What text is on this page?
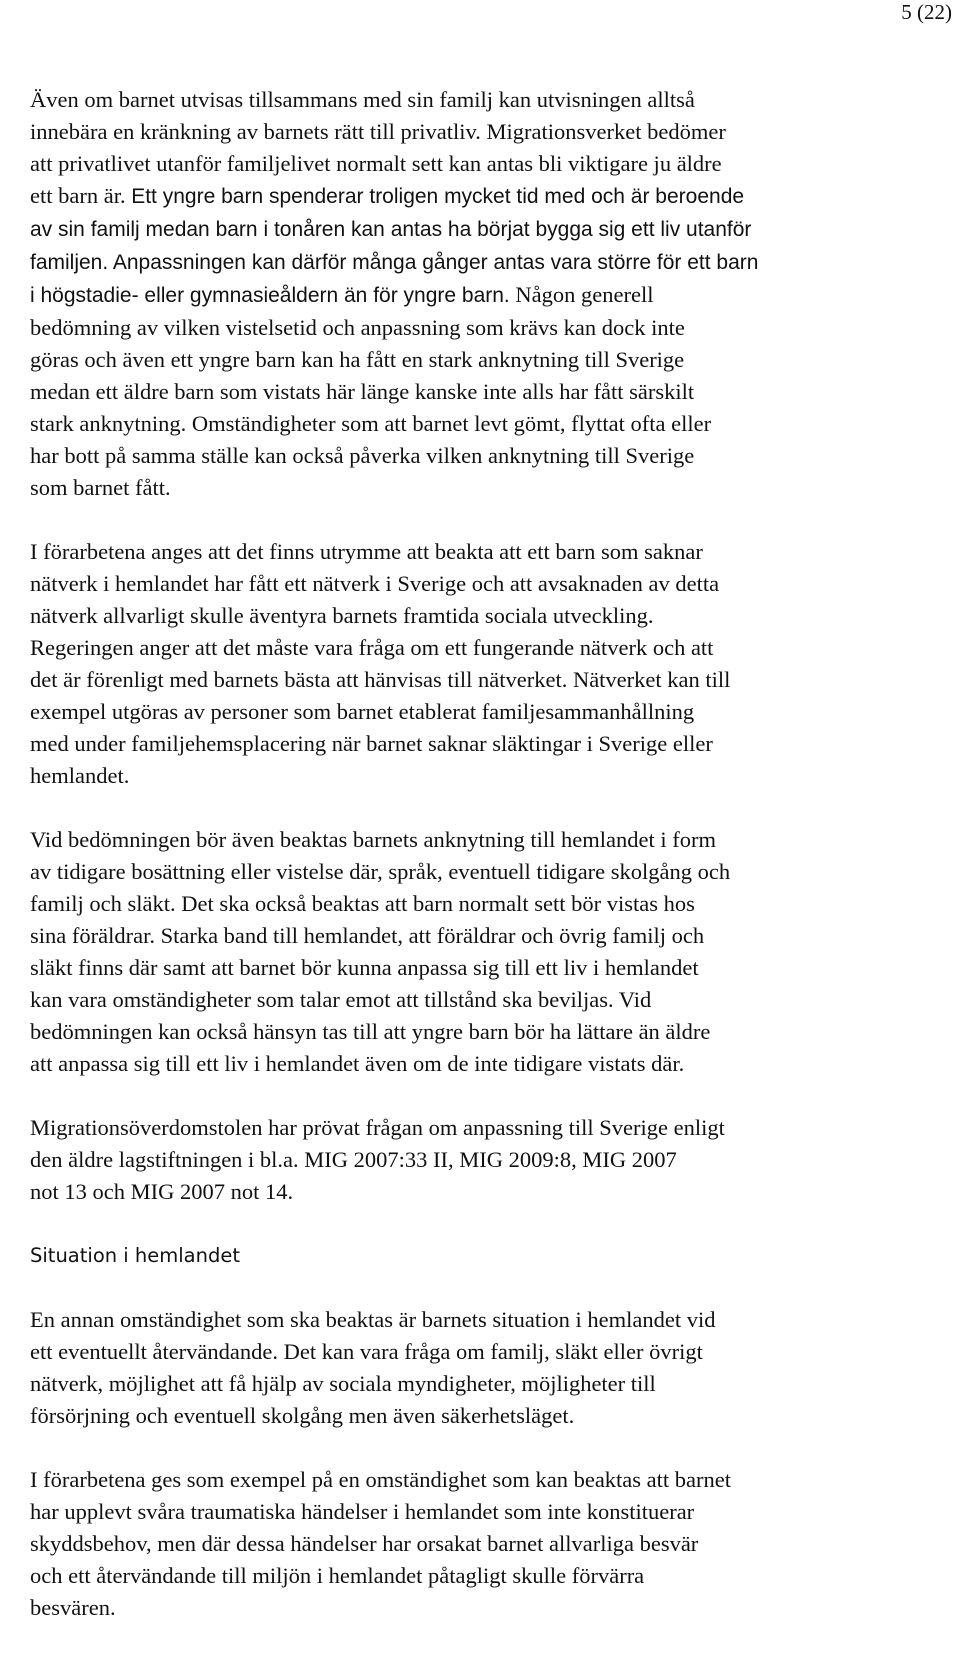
5 (22)

Även om barnet utvisas tillsammans med sin familj kan utvisningen alltså
innebära en kränkning av barnets rätt till privatliv. Migrationsverket bedömer
att privatlivet utanför familjelivet normalt sett kan antas bli viktigare ju äldre
ett barn är. Ett yngre barn spenderar troligen mycket tid med och är beroende
av sin familj medan barn i tonåren kan antas ha börjat bygga sig ett liv utanför
familjen. Anpassningen kan därför många gånger antas vara större för ett barn
i högstadie- eller gymnasieåldern än för yngre barn. Någon generell
bedömning av vilken vistelsetid och anpassning som krävs kan dock inte
göras och även ett yngre barn kan ha fått en stark anknytning till Sverige
medan ett äldre barn som vistats här länge kanske inte alls har fått särskilt
stark anknytning. Omständigheter som att barnet levt gömt, flyttat ofta eller
har bott på samma ställe kan också påverka vilken anknytning till Sverige
som barnet fått.

I förarbetena anges att det finns utrymme att beakta att ett barn som saknar
nätverk i hemlandet har fått ett nätverk i Sverige och att avsaknaden av detta
nätverk allvarligt skulle äventyra barnets framtida sociala utveckling.
Regeringen anger att det måste vara fråga om ett fungerande nätverk och att
det är förenligt med barnets bästa att hänvisas till nätverket. Nätverket kan till
exempel utgöras av personer som barnet etablerat familjesammanhållning
med under familjehemsplacering när barnet saknar släktingar i Sverige eller
hemlandet.

Vid bedömningen bör även beaktas barnets anknytning till hemlandet i form
av tidigare bosättning eller vistelse där, språk, eventuell tidigare skolgång och
familj och släkt. Det ska också beaktas att barn normalt sett bör vistas hos
sina föräldrar. Starka band till hemlandet, att föräldrar och övrig familj och
släkt finns där samt att barnet bör kunna anpassa sig till ett liv i hemlandet
kan vara omständigheter som talar emot att tillstånd ska beviljas. Vid
bedömningen kan också hänsyn tas till att yngre barn bör ha lättare än äldre
att anpassa sig till ett liv i hemlandet även om de inte tidigare vistats där.

Migrationsöverdomstolen har prövat frågan om anpassning till Sverige enligt
den äldre lagstiftningen i bl.a. MIG 2007:33 II, MIG 2009:8, MIG 2007
not 13 och MIG 2007 not 14.

Situation i hemlandet

En annan omständighet som ska beaktas är barnets situation i hemlandet vid
ett eventuellt återvändande. Det kan vara fråga om familj, släkt eller övrigt
nätverk, möjlighet att få hjälp av sociala myndigheter, möjligheter till
försörjning och eventuell skolgång men även säkerhetsläget.

I förarbetena ges som exempel på en omständighet som kan beaktas att barnet
har upplevt svåra traumatiska händelser i hemlandet som inte konstituerar
skyddsbehov, men där dessa händelser har orsakat barnet allvarliga besvär
och ett återvändande till miljön i hemlandet påtagligt skulle förvärra
besvären.
